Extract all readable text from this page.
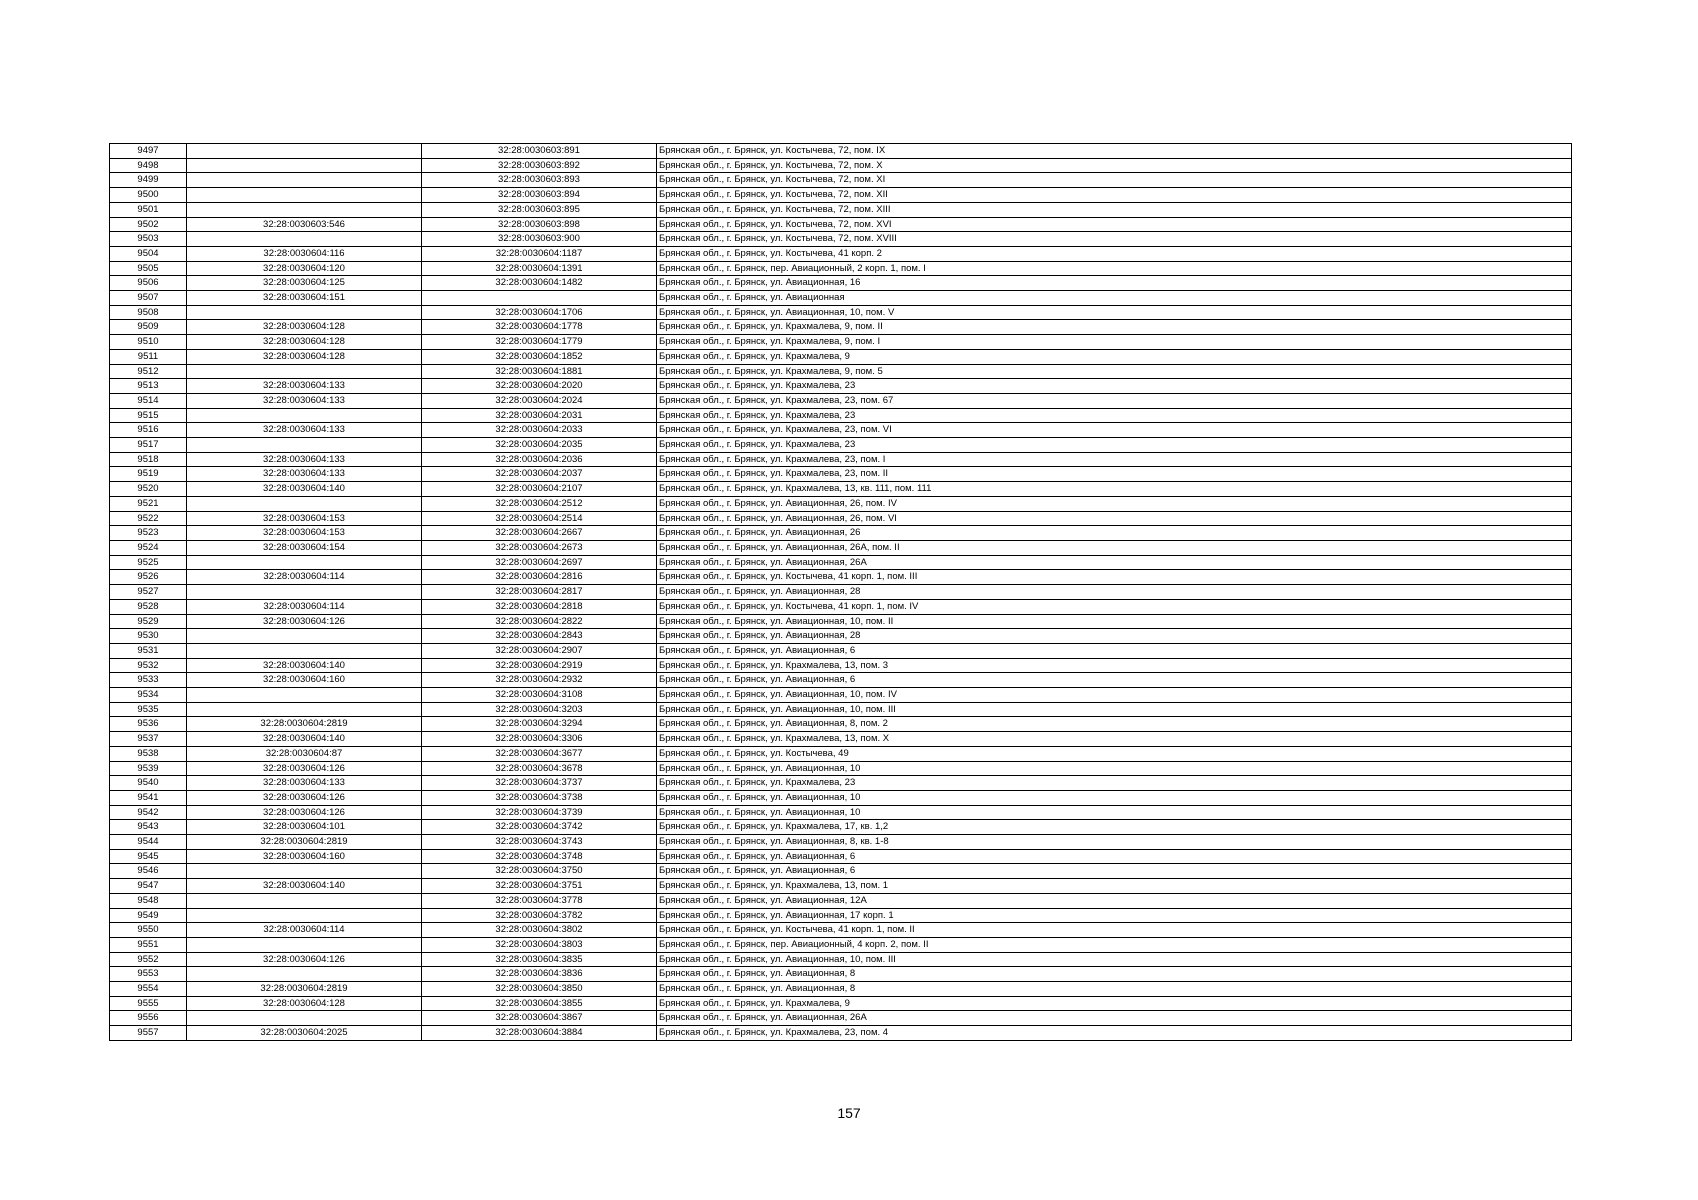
9497		32:28:0030603:891	Брянская обл., г. Брянск, ул. Костычева, 72, пом. IX
9498		32:28:0030603:892	Брянская обл., г. Брянск, ул. Костычева, 72, пом. X
9499		32:28:0030603:893	Брянская обл., г. Брянск, ул. Костычева, 72, пом. XI
9500		32:28:0030603:894	Брянская обл., г. Брянск, ул. Костычева, 72, пом. XII
9501		32:28:0030603:895	Брянская обл., г. Брянск, ул. Костычева, 72, пом. XIII
9502	32:28:0030603:546	32:28:0030603:898	Брянская обл., г. Брянск, ул. Костычева, 72, пом. XVI
9503		32:28:0030603:900	Брянская обл., г. Брянск, ул. Костычева, 72, пом. XVIII
9504	32:28:0030604:116	32:28:0030604:1187	Брянская обл., г. Брянск, ул. Костычева, 41 корп. 2
9505	32:28:0030604:120	32:28:0030604:1391	Брянская обл., г. Брянск, пер. Авиационный, 2 корп. 1, пом. I
9506	32:28:0030604:125	32:28:0030604:1482	Брянская обл., г. Брянск, ул. Авиационная, 16
9507	32:28:0030604:151		Брянская обл., г. Брянск, ул. Авиационная
9508		32:28:0030604:1706	Брянская обл., г. Брянск, ул. Авиационная, 10, пом. V
9509	32:28:0030604:128	32:28:0030604:1778	Брянская обл., г. Брянск, ул. Крахмалева, 9, пом. II
9510	32:28:0030604:128	32:28:0030604:1779	Брянская обл., г. Брянск, ул. Крахмалева, 9, пом. I
9511	32:28:0030604:128	32:28:0030604:1852	Брянская обл., г. Брянск, ул. Крахмалева, 9
9512		32:28:0030604:1881	Брянская обл., г. Брянск, ул. Крахмалева, 9, пом. 5
9513	32:28:0030604:133	32:28:0030604:2020	Брянская обл., г. Брянск, ул. Крахмалева, 23
9514	32:28:0030604:133	32:28:0030604:2024	Брянская обл., г. Брянск, ул. Крахмалева, 23, пом. 67
9515		32:28:0030604:2031	Брянская обл., г. Брянск, ул. Крахмалева, 23
9516	32:28:0030604:133	32:28:0030604:2033	Брянская обл., г. Брянск, ул. Крахмалева, 23, пом. VI
9517		32:28:0030604:2035	Брянская обл., г. Брянск, ул. Крахмалева, 23
9518	32:28:0030604:133	32:28:0030604:2036	Брянская обл., г. Брянск, ул. Крахмалева, 23, пом. I
9519	32:28:0030604:133	32:28:0030604:2037	Брянская обл., г. Брянск, ул. Крахмалева, 23, пом. II
9520	32:28:0030604:140	32:28:0030604:2107	Брянская обл., г. Брянск, ул. Крахмалева, 13, кв. 111, пом. 111
9521		32:28:0030604:2512	Брянская обл., г. Брянск, ул. Авиационная, 26, пом. IV
9522	32:28:0030604:153	32:28:0030604:2514	Брянская обл., г. Брянск, ул. Авиационная, 26, пом. VI
9523	32:28:0030604:153	32:28:0030604:2667	Брянская обл., г. Брянск, ул. Авиационная, 26
9524	32:28:0030604:154	32:28:0030604:2673	Брянская обл., г. Брянск, ул. Авиационная, 26А, пом. II
9525		32:28:0030604:2697	Брянская обл., г. Брянск, ул. Авиационная, 26А
9526	32:28:0030604:114	32:28:0030604:2816	Брянская обл., г. Брянск, ул. Костычева, 41 корп. 1, пом. III
9527		32:28:0030604:2817	Брянская обл., г. Брянск, ул. Авиационная, 28
9528	32:28:0030604:114	32:28:0030604:2818	Брянская обл., г. Брянск, ул. Костычева, 41 корп. 1, пом. IV
9529	32:28:0030604:126	32:28:0030604:2822	Брянская обл., г. Брянск, ул. Авиационная, 10, пом. II
9530		32:28:0030604:2843	Брянская обл., г. Брянск, ул. Авиационная, 28
9531		32:28:0030604:2907	Брянская обл., г. Брянск, ул. Авиационная, 6
9532	32:28:0030604:140	32:28:0030604:2919	Брянская обл., г. Брянск, ул. Крахмалева, 13, пом. 3
9533	32:28:0030604:160	32:28:0030604:2932	Брянская обл., г. Брянск, ул. Авиационная, 6
9534		32:28:0030604:3108	Брянская обл., г. Брянск, ул. Авиационная, 10, пом. IV
9535		32:28:0030604:3203	Брянская обл., г. Брянск, ул. Авиационная, 10, пом. III
9536	32:28:0030604:2819	32:28:0030604:3294	Брянская обл., г. Брянск, ул. Авиационная, 8, пом. 2
9537	32:28:0030604:140	32:28:0030604:3306	Брянская обл., г. Брянск, ул. Крахмалева, 13, пом. X
9538	32:28:0030604:87	32:28:0030604:3677	Брянская обл., г. Брянск, ул. Костычева, 49
9539	32:28:0030604:126	32:28:0030604:3678	Брянская обл., г. Брянск, ул. Авиационная, 10
9540	32:28:0030604:133	32:28:0030604:3737	Брянская обл., г. Брянск, ул. Крахмалева, 23
9541	32:28:0030604:126	32:28:0030604:3738	Брянская обл., г. Брянск, ул. Авиационная, 10
9542	32:28:0030604:126	32:28:0030604:3739	Брянская обл., г. Брянск, ул. Авиационная, 10
9543	32:28:0030604:101	32:28:0030604:3742	Брянская обл., г. Брянск, ул. Крахмалева, 17, кв. 1,2
9544	32:28:0030604:2819	32:28:0030604:3743	Брянская обл., г. Брянск, ул. Авиационная, 8, кв. 1-8
9545	32:28:0030604:160	32:28:0030604:3748	Брянская обл., г. Брянск, ул. Авиационная, 6
9546		32:28:0030604:3750	Брянская обл., г. Брянск, ул. Авиационная, 6
9547	32:28:0030604:140	32:28:0030604:3751	Брянская обл., г. Брянск, ул. Крахмалева, 13, пом. 1
9548		32:28:0030604:3778	Брянская обл., г. Брянск, ул. Авиационная, 12А
9549		32:28:0030604:3782	Брянская обл., г. Брянск, ул. Авиационная, 17 корп. 1
9550	32:28:0030604:114	32:28:0030604:3802	Брянская обл., г. Брянск, ул. Костычева, 41 корп. 1, пом. II
9551		32:28:0030604:3803	Брянская обл., г. Брянск, пер. Авиационный, 4 корп. 2, пом. II
9552	32:28:0030604:126	32:28:0030604:3835	Брянская обл., г. Брянск, ул. Авиационная, 10, пом. III
9553		32:28:0030604:3836	Брянская обл., г. Брянск, ул. Авиационная, 8
9554	32:28:0030604:2819	32:28:0030604:3850	Брянская обл., г. Брянск, ул. Авиационная, 8
9555	32:28:0030604:128	32:28:0030604:3855	Брянская обл., г. Брянск, ул. Крахмалева, 9
9556		32:28:0030604:3867	Брянская обл., г. Брянск, ул. Авиационная, 26А
9557	32:28:0030604:2025	32:28:0030604:3884	Брянская обл., г. Брянск, ул. Крахмалева, 23, пом. 4
157
